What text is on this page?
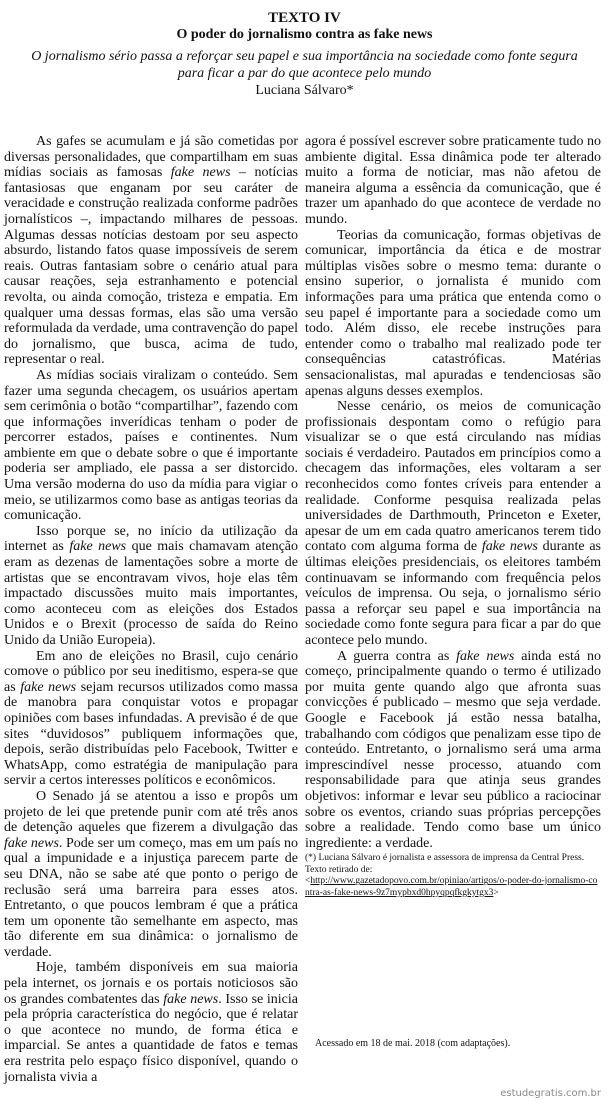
TEXTO IV
O poder do jornalismo contra as fake news
O jornalismo sério passa a reforçar seu papel e sua importância na sociedade como fonte segura para ficar a par do que acontece pelo mundo
Luciana Sálvaro*

As gafes se acumulam e já são cometidas por diversas personalidades, que compartilham em suas mídias sociais as famosas fake news – notícias fantasiosas que enganam por seu caráter de veracidade e construção realizada conforme padrões jornalísticos –, impactando milhares de pessoas. Algumas dessas notícias destoam por seu aspecto absurdo, listando fatos quase impossíveis de serem reais. Outras fantasiam sobre o cenário atual para causar reações, seja estranhamento e potencial revolta, ou ainda comoção, tristeza e empatia. Em qualquer uma dessas formas, elas são uma versão reformulada da verdade, uma contravenção do papel do jornalismo, que busca, acima de tudo, representar o real.

As mídias sociais viralizam o conteúdo. Sem fazer uma segunda checagem, os usuários apertam sem cerimônia o botão “compartilhar”, fazendo com que informações inverídicas tenham o poder de percorrer estados, países e continentes. Num ambiente em que o debate sobre o que é importante poderia ser ampliado, ele passa a ser distorcido. Uma versão moderna do uso da mídia para vigiar o meio, se utilizarmos como base as antigas teorias da comunicação.

Isso porque se, no início da utilização da internet as fake news que mais chamavam atenção eram as dezenas de lamentações sobre a morte de artistas que se encontravam vivos, hoje elas têm impactado discussões muito mais importantes, como aconteceu com as eleições dos Estados Unidos e o Brexit (processo de saída do Reino Unido da União Europeia).

Em ano de eleições no Brasil, cujo cenário comove o público por seu ineditismo, espera-se que as fake news sejam recursos utilizados como massa de manobra para conquistar votos e propagar opiniões com bases infundadas. A previsão é de que sites “duvidosos” publiquem informações que, depois, serão distribuídas pelo Facebook, Twitter e WhatsApp, como estratégia de manipulação para servir a certos interesses políticos e econômicos.

O Senado já se atentou a isso e propôs um projeto de lei que pretende punir com até três anos de detenção aqueles que fizerem a divulgação das fake news. Pode ser um começo, mas em um país no qual a impunidade e a injustiça parecem parte de seu DNA, não se sabe até que ponto o perigo de reclusão será uma barreira para esses atos. Entretanto, o que poucos lembram é que a prática tem um oponente tão semelhante em aspecto, mas tão diferente em sua dinâmica: o jornalismo de verdade.

Hoje, também disponíveis em sua maioria pela internet, os jornais e os portais noticiosos são os grandes combatentes das fake news. Isso se inicia pela própria característica do negócio, que é relatar o que acontece no mundo, de forma ética e imparcial. Se antes a quantidade de fatos e temas era restrita pelo espaço físico disponível, quando o jornalista vivia a

agora é possível escrever sobre praticamente tudo no ambiente digital. Essa dinâmica pode ter alterado muito a forma de noticiar, mas não afetou de maneira alguma a essência da comunicação, que é trazer um apanhado do que acontece de verdade no mundo.

Teorias da comunicação, formas objetivas de comunicar, importância da ética e de mostrar múltiplas visões sobre o mesmo tema: durante o ensino superior, o jornalista é munido com informações para uma prática que entenda como o seu papel é importante para a sociedade como um todo. Além disso, ele recebe instruções para entender como o trabalho mal realizado pode ter consequências catastróficas. Matérias sensacionalistas, mal apuradas e tendenciosas são apenas alguns desses exemplos.

Nesse cenário, os meios de comunicação profissionais despontam como o refúgio para visualizar se o que está circulando nas mídias sociais é verdadeiro. Pautados em princípios como a checagem das informações, eles voltaram a ser reconhecidos como fontes críveis para entender a realidade. Conforme pesquisa realizada pelas universidades de Darthmouth, Princeton e Exeter, apesar de um em cada quatro americanos terem tido contato com alguma forma de fake news durante as últimas eleições presidenciais, os eleitores também continuavam se informando com frequência pelos veículos de imprensa. Ou seja, o jornalismo sério passa a reforçar seu papel e sua importância na sociedade como fonte segura para ficar a par do que acontece pelo mundo.

A guerra contra as fake news ainda está no começo, principalmente quando o termo é utilizado por muita gente quando algo que afronta suas convicções é publicado – mesmo que seja verdade. Google e Facebook já estão nessa batalha, trabalhando com códigos que penalizam esse tipo de conteúdo. Entretanto, o jornalismo será uma arma imprescindível nesse processo, atuando com responsabilidade para que atinja seus grandes objetivos: informar e levar seu público a raciocinar sobre os eventos, criando suas próprias percepções sobre a realidade. Tendo como base um único ingrediente: a verdade.

(*) Luciana Sálvaro é jornalista e assessora de imprensa da Central Press. Texto retirado de:
<http://www.gazetadopovo.com.br/opiniao/artigos/o-poder-do-jornalismo-contra-as-fake-news-9z7mypbxd0hpyqpqfkgkytgx3>
Acessado em 18 de mai. 2018 (com adaptações).
estudegratis.com.br
